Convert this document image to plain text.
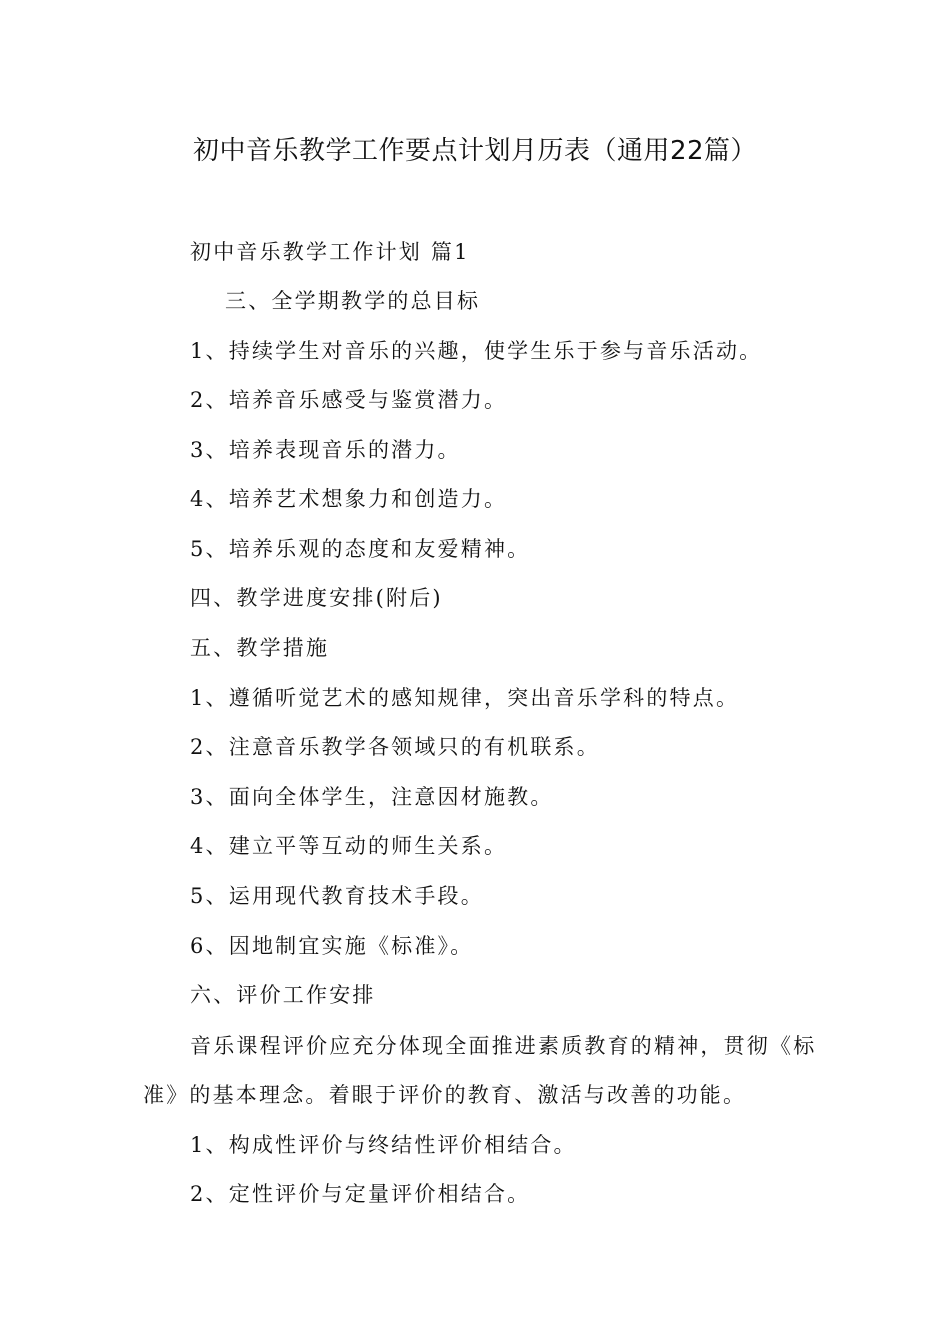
初中音乐教学工作要点计划月历表（通用22篇）
初中音乐教学工作计划 篇1
三、全学期教学的总目标
1、持续学生对音乐的兴趣，使学生乐于参与音乐活动。
2、培养音乐感受与鉴赏潜力。
3、培养表现音乐的潜力。
4、培养艺术想象力和创造力。
5、培养乐观的态度和友爱精神。
四、教学进度安排(附后)
五、教学措施
1、遵循听觉艺术的感知规律，突出音乐学科的特点。
2、注意音乐教学各领域只的有机联系。
3、面向全体学生，注意因材施教。
4、建立平等互动的师生关系。
5、运用现代教育技术手段。
6、因地制宜实施《标准》。
六、评价工作安排
音乐课程评价应充分体现全面推进素质教育的精神，贯彻《标
准》的基本理念。着眼于评价的教育、激活与改善的功能。
1、构成性评价与终结性评价相结合。
2、定性评价与定量评价相结合。
